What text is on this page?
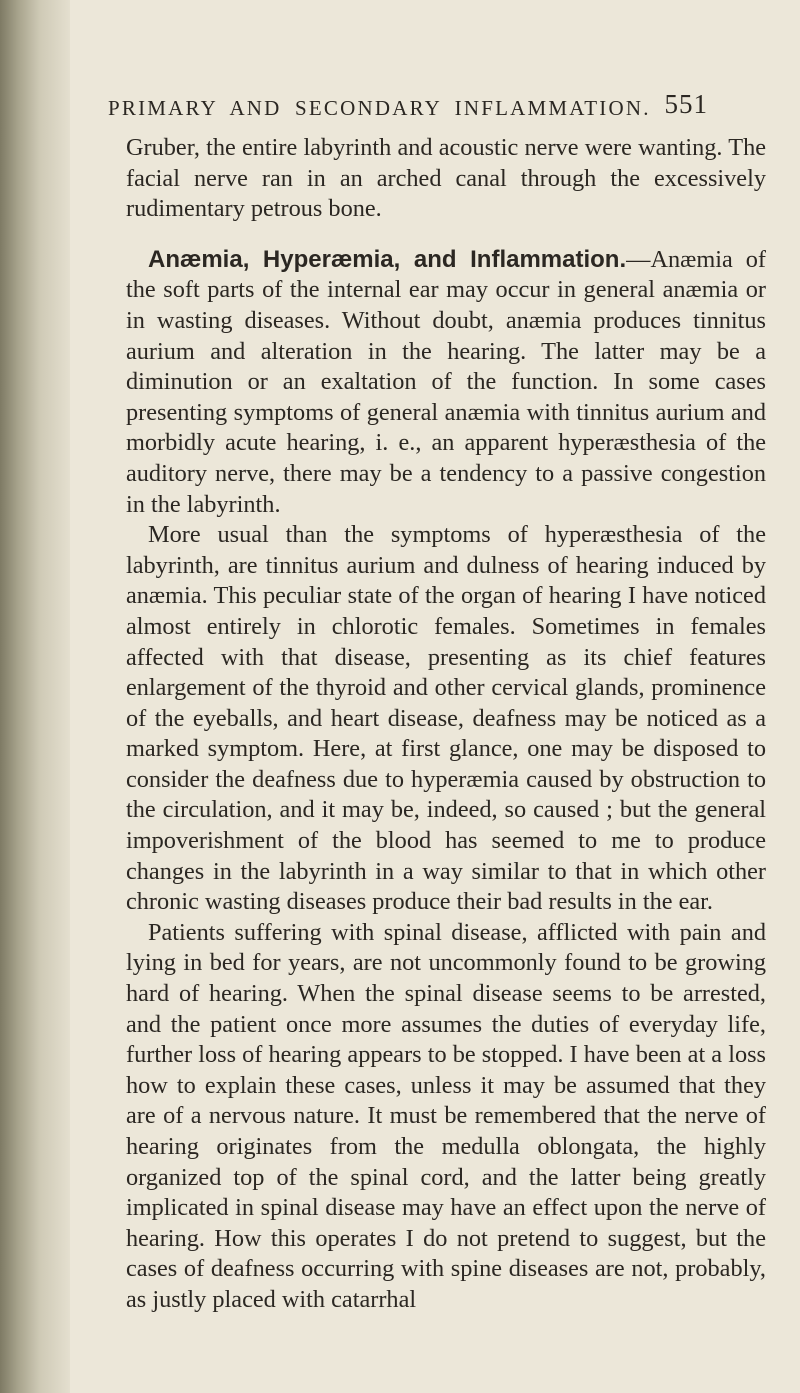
PRIMARY AND SECONDARY INFLAMMATION. 551

Gruber, the entire labyrinth and acoustic nerve were wanting. The facial nerve ran in an arched canal through the excessively rudimentary petrous bone.

Anæmia, Hyperæmia, and Inflammation.—Anæmia of the soft parts of the internal ear may occur in general anæmia or in wasting diseases. Without doubt, anæmia produces tinnitus aurium and alteration in the hearing. The latter may be a diminution or an exaltation of the function. In some cases presenting symptoms of general anæmia with tinnitus aurium and morbidly acute hearing, i. e., an apparent hyperæsthesia of the auditory nerve, there may be a tendency to a passive congestion in the labyrinth.

More usual than the symptoms of hyperæsthesia of the labyrinth, are tinnitus aurium and dulness of hearing induced by anæmia. This peculiar state of the organ of hearing I have noticed almost entirely in chlorotic females. Sometimes in females affected with that disease, presenting as its chief features enlargement of the thyroid and other cervical glands, prominence of the eyeballs, and heart disease, deafness may be noticed as a marked symptom. Here, at first glance, one may be disposed to consider the deafness due to hyperæmia caused by obstruction to the circulation, and it may be, indeed, so caused ; but the general impoverishment of the blood has seemed to me to produce changes in the labyrinth in a way similar to that in which other chronic wasting diseases produce their bad results in the ear.

Patients suffering with spinal disease, afflicted with pain and lying in bed for years, are not uncommonly found to be growing hard of hearing. When the spinal disease seems to be arrested, and the patient once more assumes the duties of everyday life, further loss of hearing appears to be stopped. I have been at a loss how to explain these cases, unless it may be assumed that they are of a nervous nature. It must be remembered that the nerve of hearing originates from the medulla oblongata, the highly organized top of the spinal cord, and the latter being greatly implicated in spinal disease may have an effect upon the nerve of hearing. How this operates I do not pretend to suggest, but the cases of deafness occurring with spine diseases are not, probably, as justly placed with catarrhal
